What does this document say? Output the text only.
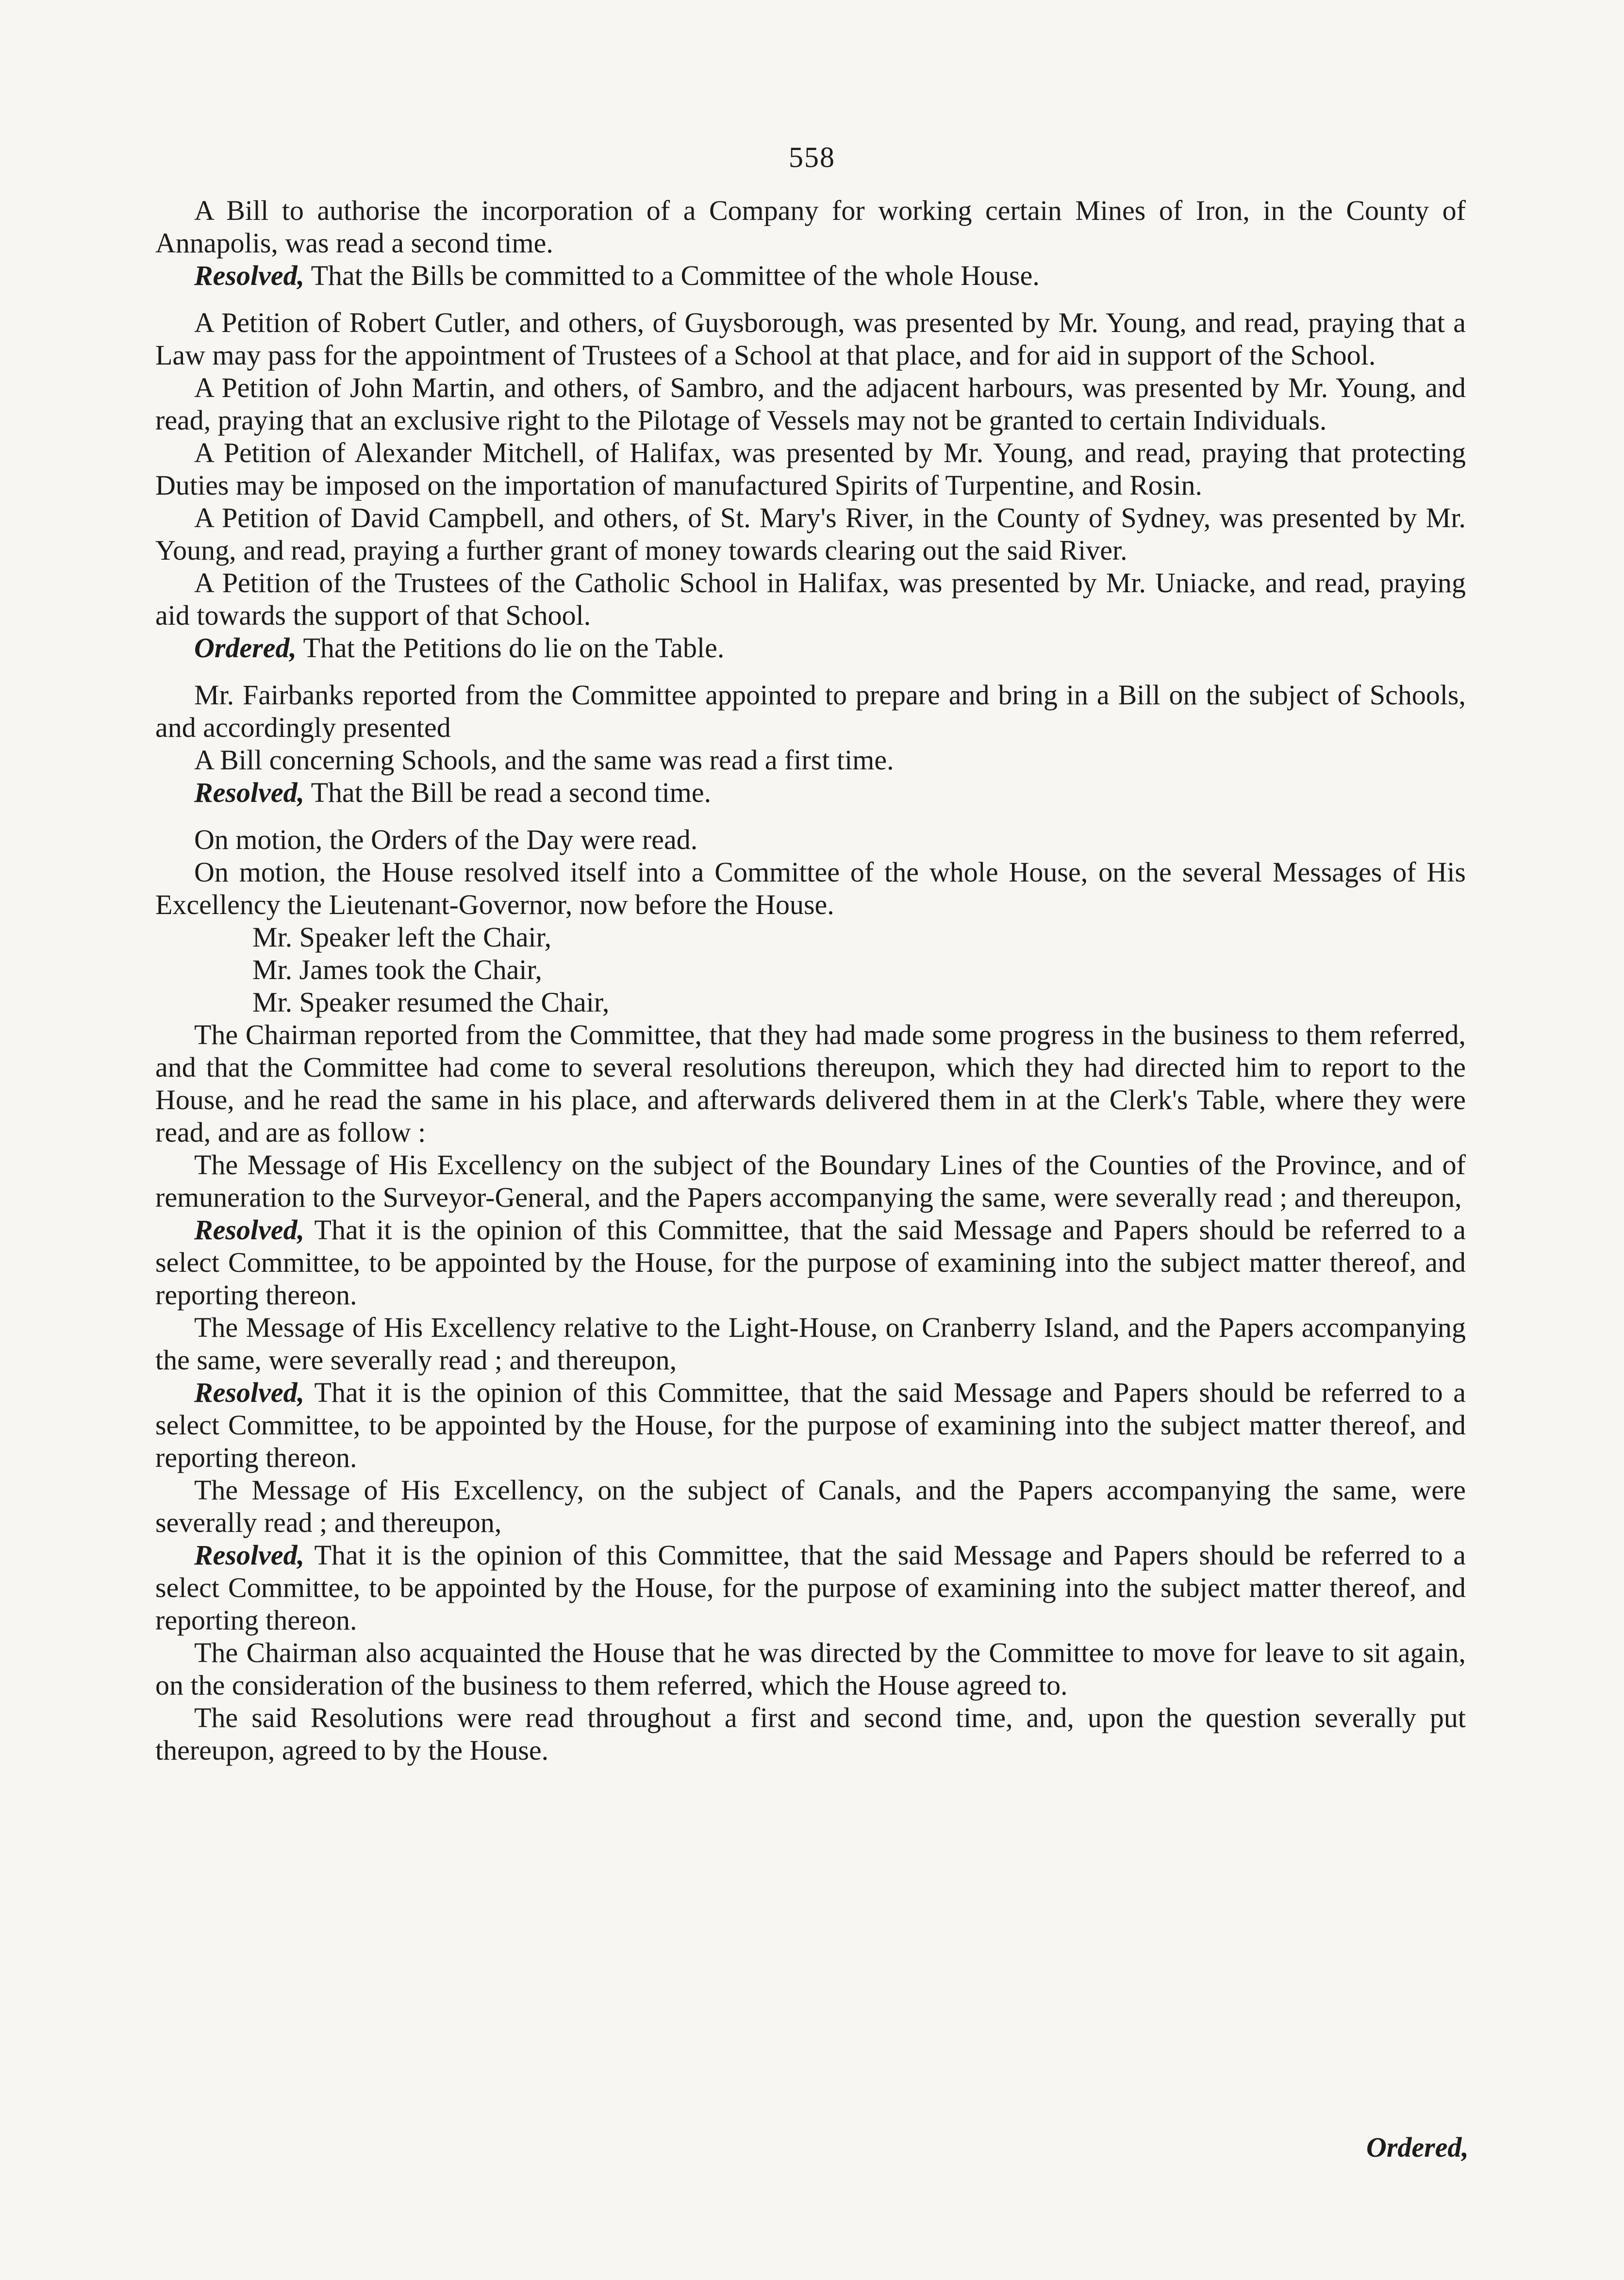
558

A Bill to authorise the incorporation of a Company for working certain Mines of Iron, in the County of Annapolis, was read a second time.

Resolved, That the Bills be committed to a Committee of the whole House.

A Petition of Robert Cutler, and others, of Guysborough, was presented by Mr. Young, and read, praying that a Law may pass for the appointment of Trustees of a School at that place, and for aid in support of the School.

A Petition of John Martin, and others, of Sambro, and the adjacent harbours, was presented by Mr. Young, and read, praying that an exclusive right to the Pilotage of Vessels may not be granted to certain Individuals.

A Petition of Alexander Mitchell, of Halifax, was presented by Mr. Young, and read, praying that protecting Duties may be imposed on the importation of manufactured Spirits of Turpentine, and Rosin.

A Petition of David Campbell, and others, of St. Mary's River, in the County of Sydney, was presented by Mr. Young, and read, praying a further grant of money towards clearing out the said River.

A Petition of the Trustees of the Catholic School in Halifax, was presented by Mr. Uniacke, and read, praying aid towards the support of that School.

Ordered, That the Petitions do lie on the Table.

Mr. Fairbanks reported from the Committee appointed to prepare and bring in a Bill on the subject of Schools, and accordingly presented

A Bill concerning Schools, and the same was read a first time.

Resolved, That the Bill be read a second time.

On motion, the Orders of the Day were read.

On motion, the House resolved itself into a Committee of the whole House, on the several Messages of His Excellency the Lieutenant-Governor, now before the House.

Mr. Speaker left the Chair,

Mr. James took the Chair,

Mr. Speaker resumed the Chair,

The Chairman reported from the Committee, that they had made some progress in the business to them referred, and that the Committee had come to several resolutions thereupon, which they had directed him to report to the House, and he read the same in his place, and afterwards delivered them in at the Clerk's Table, where they were read, and are as follow :

The Message of His Excellency on the subject of the Boundary Lines of the Counties of the Province, and of remuneration to the Surveyor-General, and the Papers accompanying the same, were severally read ; and thereupon,

Resolved, That it is the opinion of this Committee, that the said Message and Papers should be referred to a select Committee, to be appointed by the House, for the purpose of examining into the subject matter thereof, and reporting thereon.

The Message of His Excellency relative to the Light-House, on Cranberry Island, and the Papers accompanying the same, were severally read ; and thereupon,

Resolved, That it is the opinion of this Committee, that the said Message and Papers should be referred to a select Committee, to be appointed by the House, for the purpose of examining into the subject matter thereof, and reporting thereon.

The Message of His Excellency, on the subject of Canals, and the Papers accompanying the same, were severally read ; and thereupon,

Resolved, That it is the opinion of this Committee, that the said Message and Papers should be referred to a select Committee, to be appointed by the House, for the purpose of examining into the subject matter thereof, and reporting thereon.

The Chairman also acquainted the House that he was directed by the Committee to move for leave to sit again, on the consideration of the business to them referred, which the House agreed to.

The said Resolutions were read throughout a first and second time, and, upon the question severally put thereupon, agreed to by the House.

Ordered,
